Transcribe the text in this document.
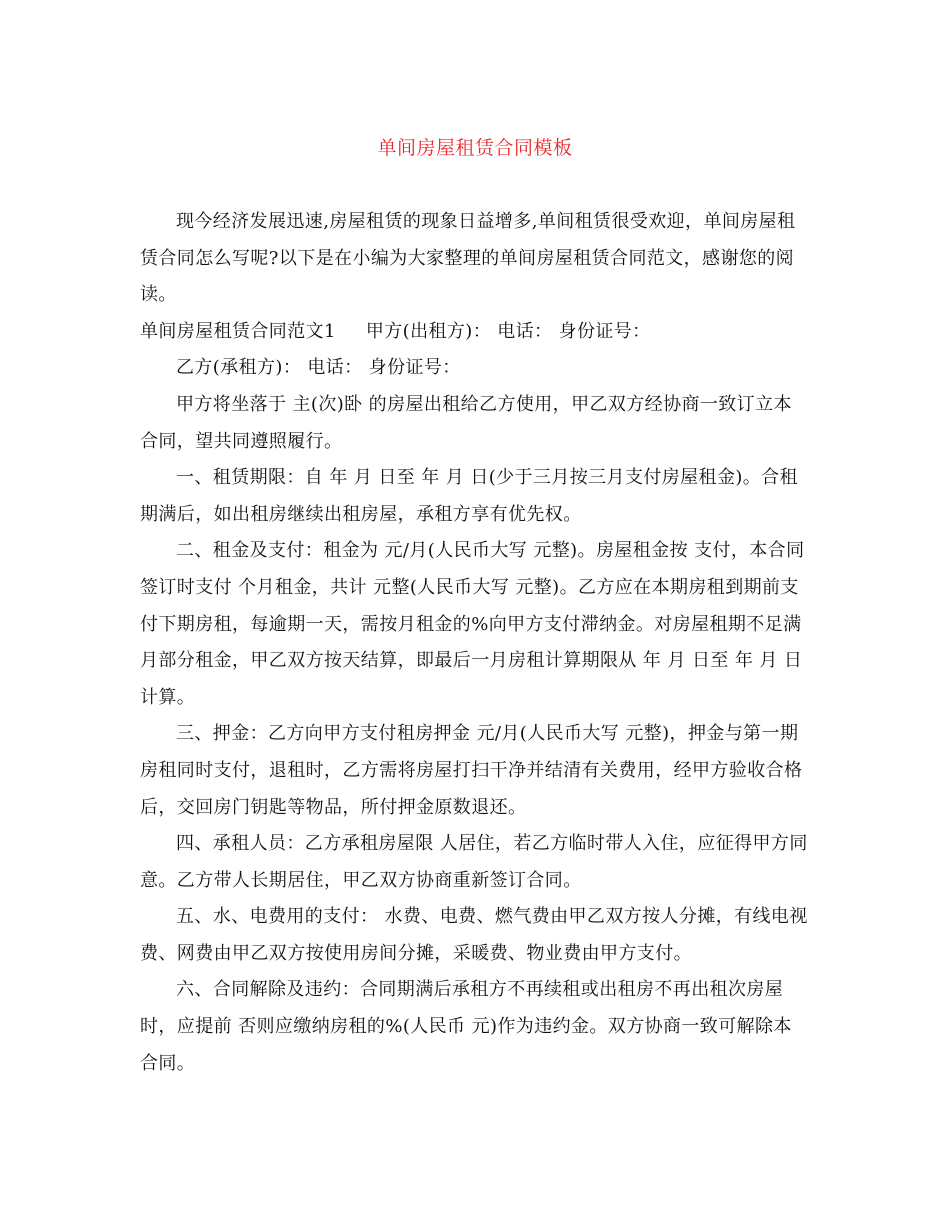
单间房屋租赁合同模板

现今经济发展迅速,房屋租赁的现象日益增多,单间租赁很受欢迎，单间房屋租赁合同怎么写呢?以下是在小编为大家整理的单间房屋租赁合同范文，感谢您的阅读。

单间房屋租赁合同范文1 甲方(出租方)： 电话： 身份证号：

乙方(承租方)： 电话： 身份证号：

甲方将坐落于 主(次)卧 的房屋出租给乙方使用，甲乙双方经协商一致订立本合同，望共同遵照履行。

一、租赁期限：自 年 月 日至 年 月 日(少于三月按三月支付房屋租金)。合租期满后，如出租房继续出租房屋，承租方享有优先权。

二、租金及支付：租金为 元/月(人民币大写 元整)。房屋租金按 支付，本合同签订时支付 个月租金，共计 元整(人民币大写 元整)。乙方应在本期房租到期前支付下期房租，每逾期一天，需按月租金的%向甲方支付滞纳金。对房屋租期不足满月部分租金，甲乙双方按天结算，即最后一月房租计算期限从 年 月 日至 年 月 日 计算。

三、押金：乙方向甲方支付租房押金 元/月(人民币大写 元整)，押金与第一期房租同时支付，退租时，乙方需将房屋打扫干净并结清有关费用，经甲方验收合格后，交回房门钥匙等物品，所付押金原数退还。

四、承租人员：乙方承租房屋限 人居住，若乙方临时带人入住，应征得甲方同意。乙方带人长期居住，甲乙双方协商重新签订合同。

五、水、电费用的支付： 水费、电费、燃气费由甲乙双方按人分摊，有线电视费、网费由甲乙双方按使用房间分摊，采暖费、物业费由甲方支付。

六、合同解除及违约：合同期满后承租方不再续租或出租房不再出租次房屋时，应提前 否则应缴纳房租的%(人民币 元)作为违约金。双方协商一致可解除本合同。
